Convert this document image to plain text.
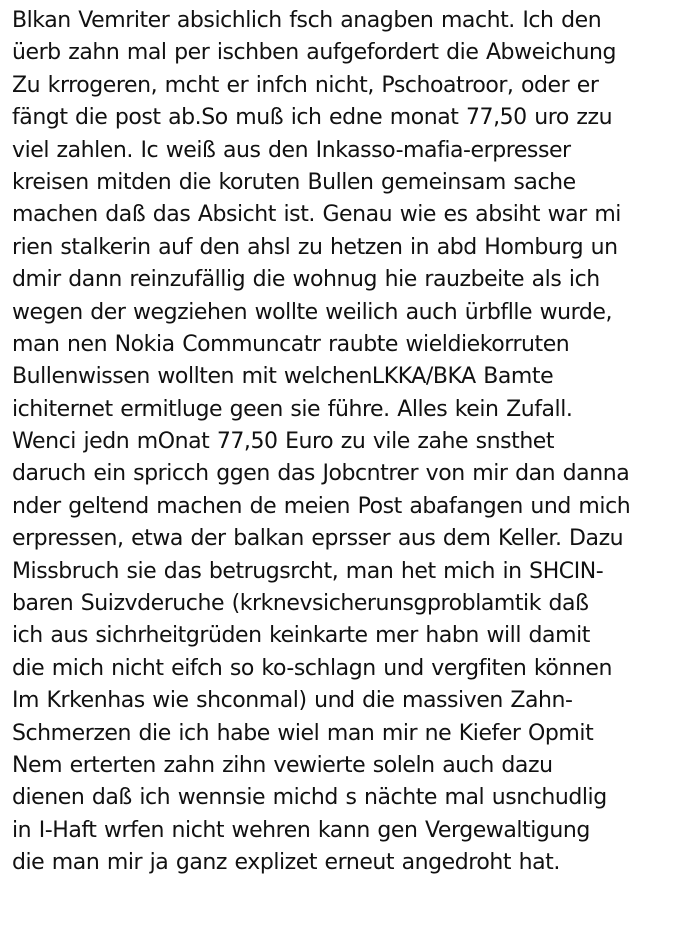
Blkan Vemriter absichlich fsch anagben macht. Ich den
üerb zahn mal per ischben aufgefordert die Abweichung
Zu krrogeren, mcht er infch nicht, Pschoatroor, oder er
fängt die post ab.So muß ich edne monat 77,50 uro zzu
viel zahlen. Ic weiß aus den Inkasso-mafia-erpresser
kreisen mitden die koruten Bullen gemeinsam sache
machen daß das Absicht ist. Genau wie es absiht war mi
rien stalkerin auf den ahsl zu hetzen in abd Homburg un
dmir dann reinzufällig die wohnug hie rauzbeite als ich
wegen der wegziehen wollte weilich auch ürbflle wurde,
man nen Nokia Communcatr raubte wieldiekorruten
Bullenwissen wollten mit welchenLKKA/BKA Bamte
ichiternet ermitluge geen sie führe. Alles kein Zufall.
Wenci jedn mOnat 77,50 Euro zu vile zahe snsthet
daruch ein spricch ggen das Jobcntrer von mir dan danna
nder geltend machen de meien Post abafangen und mich
erpressen, etwa der balkan eprsser aus dem Keller. Dazu
Missbruch sie das betrugsrcht, man het mich in SHCIN-
baren Suizvderuche (krknevsicherunsgproblamtik daß
ich aus sichrheitgrüden keinkarte mer habn will damit
die mich nicht eifch so ko-schlagn und vergfiten können
Im Krkenhas wie shconmal) und die massiven Zahn-
Schmerzen die ich habe wiel man mir ne Kiefer Opmit
Nem erterten zahn zihn vewierte soleln auch dazu
dienen daß ich wennsie michd s nächte mal usnchudlig
in I-Haft wrfen nicht wehren kann gen Vergewaltigung
die man mir ja ganz explizet erneut angedroht hat.
